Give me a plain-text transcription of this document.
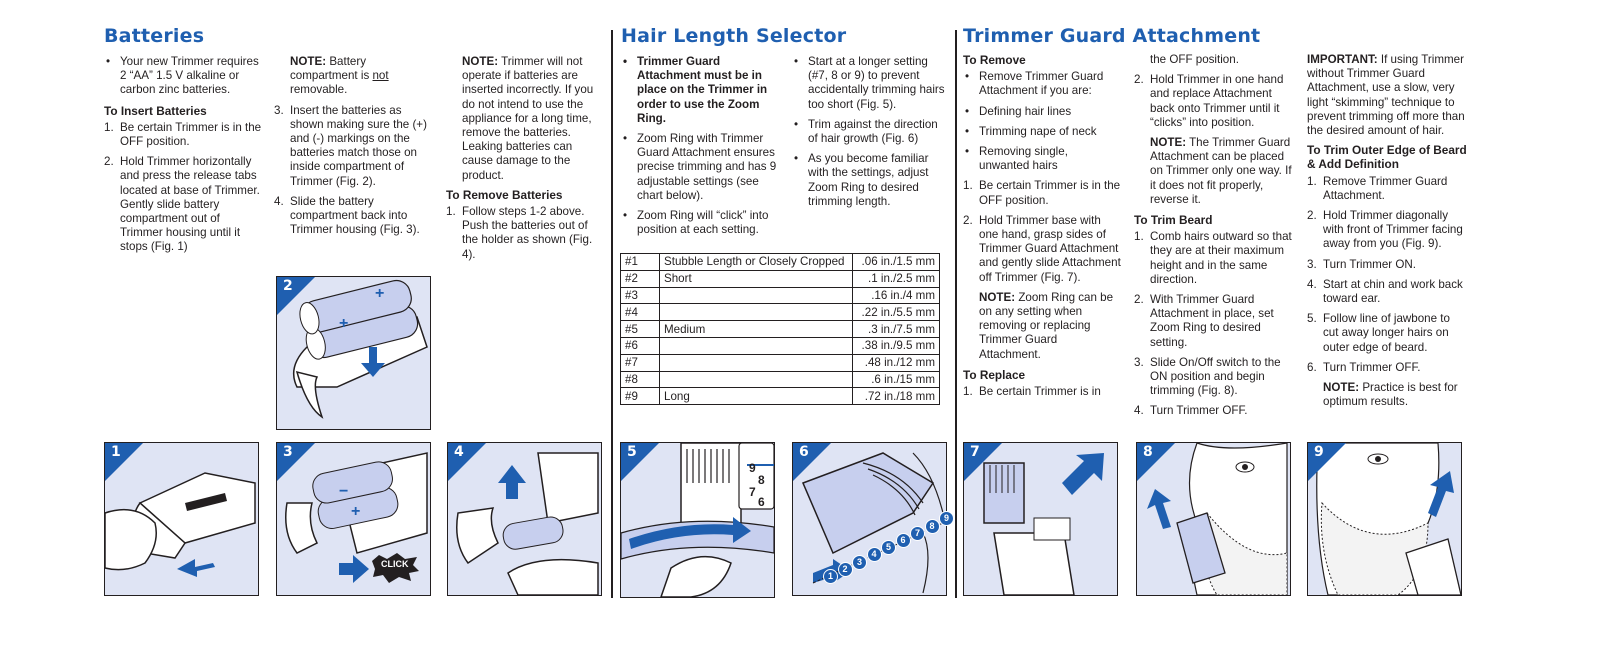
Batteries
• Your new Trimmer requires 2 “AA” 1.5 V alkaline or carbon zinc batteries.
To Insert Batteries
1. Be certain Trimmer is in the OFF position.
2. Hold Trimmer horizontally and press the release tabs located at base of Trimmer. Gently slide battery compartment out of Trimmer housing until it stops (Fig. 1)
NOTE: Battery compartment is not removable.
3. Insert the batteries as shown making sure the (+) and (-) markings on the batteries match those on inside compartment of Trimmer (Fig. 2).
4. Slide the battery compartment back into Trimmer housing (Fig. 3).
NOTE: Trimmer will not operate if batteries are inserted incorrectly. If you do not intend to use the appliance for a long time, remove the batteries. Leaking batteries can cause damage to the product.
To Remove Batteries
1. Follow steps 1-2 above. Push the batteries out of the holder as shown (Fig. 4).
Hair Length Selector
• Trimmer Guard Attachment must be in place on the Trimmer in order to use the Zoom Ring.
• Zoom Ring with Trimmer Guard Attachment ensures precise trimming and has 9 adjustable settings (see chart below).
• Zoom Ring will “click” into position at each setting.
• Start at a longer setting (#7, 8 or 9) to prevent accidentally trimming hairs too short (Fig. 5).
• Trim against the direction of hair growth (Fig. 6)
• As you become familiar with the settings, adjust Zoom Ring to desired trimming length.
#1	Stubble Length or Closely Cropped	.06 in./1.5 mm
#2	Short	.1 in./2.5 mm
#3		.16 in./4 mm
#4		.22 in./5.5 mm
#5	Medium	.3 in./7.5 mm
#6		.38 in./9.5 mm
#7		.48 in./12 mm
#8		.6 in./15 mm
#9	Long	.72 in./18 mm
Trimmer Guard Attachment
To Remove
• Remove Trimmer Guard Attachment if you are:
• Defining hair lines
• Trimming nape of neck
• Removing single, unwanted hairs
1. Be certain Trimmer is in the OFF position.
2. Hold Trimmer base with one hand, grasp sides of Trimmer Guard Attachment and gently slide Attachment off Trimmer (Fig. 7).
NOTE: Zoom Ring can be on any setting when removing or replacing Trimmer Guard Attachment.
To Replace
1. Be certain Trimmer is in
the OFF position.
2. Hold Trimmer in one hand and replace Attachment back onto Trimmer until it “clicks” into position.
NOTE: The Trimmer Guard Attachment can be placed on Trimmer only one way. If it does not fit properly, reverse it.
To Trim Beard
1. Comb hairs outward so that they are at their maximum height and in the same direction.
2. With Trimmer Guard Attachment in place, set Zoom Ring to desired setting.
3. Slide On/Off switch to the ON position and begin trimming (Fig. 8).
4. Turn Trimmer OFF.
IMPORTANT: If using Trimmer without Trimmer Guard Attachment, use a slow, very light “skimming” technique to prevent trimming off more than the desired amount of hair.
To Trim Outer Edge of Beard & Add Definition
1. Remove Trimmer Guard Attachment.
2. Hold Trimmer diagonally with front of Trimmer facing away from you (Fig. 9).
3. Turn Trimmer ON.
4. Start at chin and work back toward ear.
5. Follow line of jawbone to cut away longer hairs on outer edge of beard.
6. Turn Trimmer OFF.
NOTE: Practice is best for optimum results.
+
+
2
1
−
+
CLICK
3	4
9
8
7
6
5
1
2
3
4
5
6
7
8
9
6	7	8	9
